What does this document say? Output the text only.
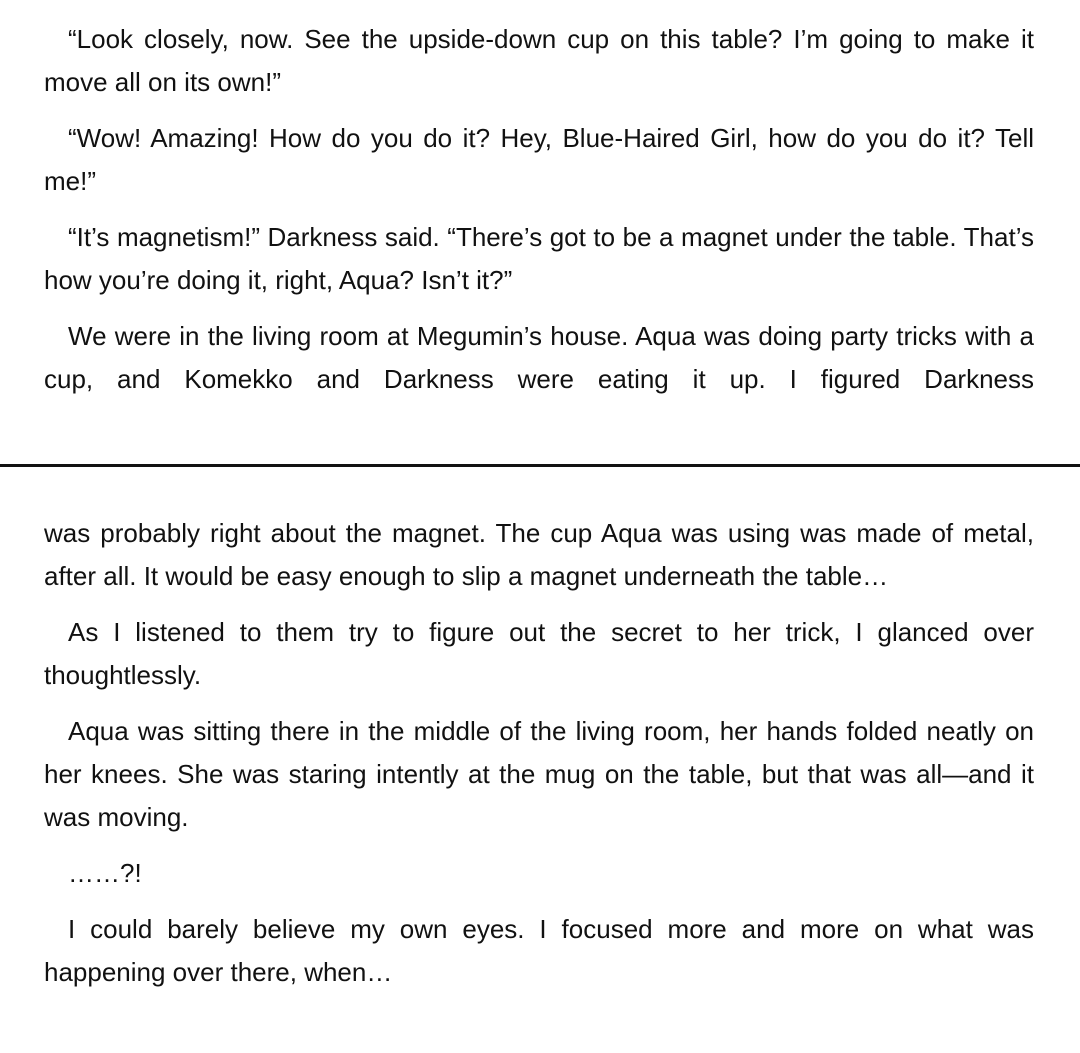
“Look closely, now. See the upside-down cup on this table? I’m going to make it move all on its own!”

“Wow! Amazing! How do you do it? Hey, Blue-Haired Girl, how do you do it? Tell me!”

“It’s magnetism!” Darkness said. “There’s got to be a magnet under the table. That’s how you’re doing it, right, Aqua? Isn’t it?”

We were in the living room at Megumin’s house. Aqua was doing party tricks with a cup, and Komekko and Darkness were eating it up. I figured Darkness

was probably right about the magnet. The cup Aqua was using was made of metal, after all. It would be easy enough to slip a magnet underneath the table…

As I listened to them try to figure out the secret to her trick, I glanced over thoughtlessly.

Aqua was sitting there in the middle of the living room, her hands folded neatly on her knees. She was staring intently at the mug on the table, but that was all—and it was moving.

……?!

I could barely believe my own eyes. I focused more and more on what was happening over there, when…
